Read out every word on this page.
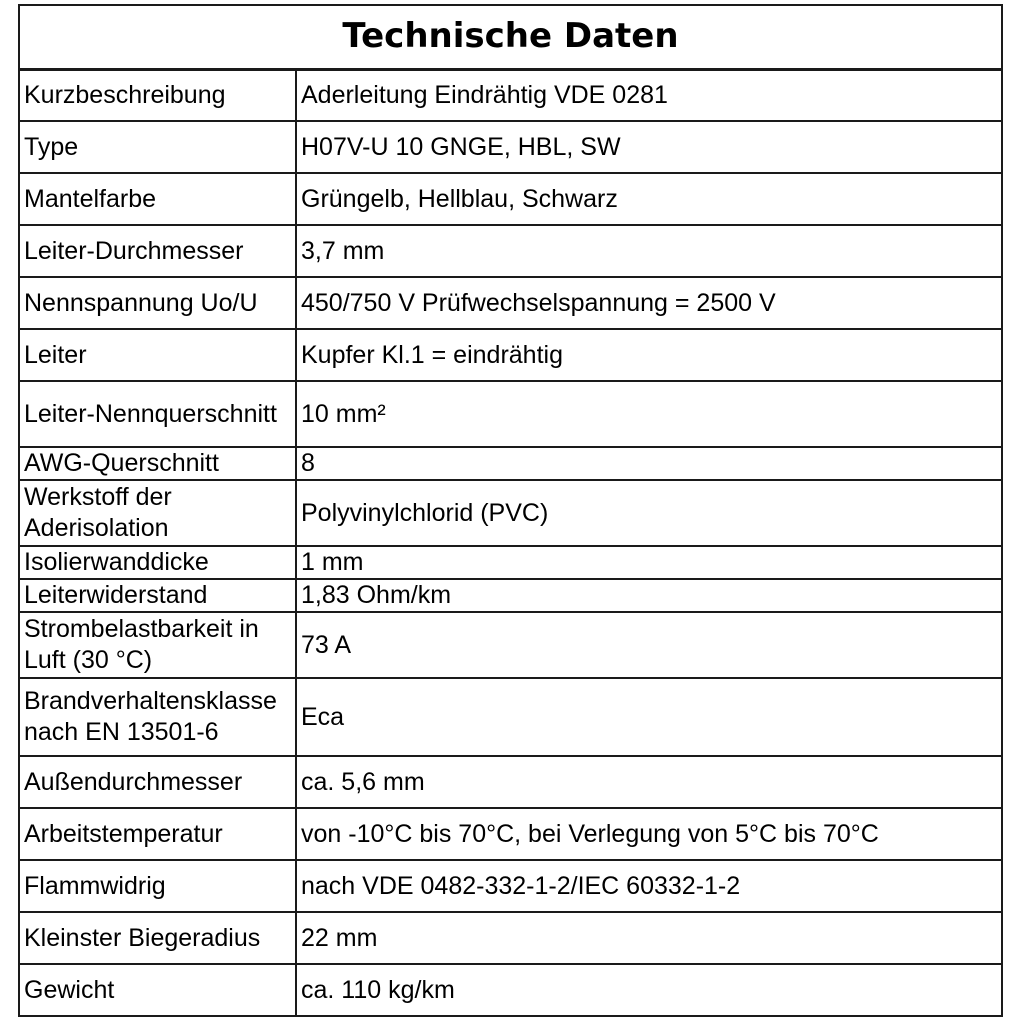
Technische Daten	
Kurzbeschreibung	Aderleitung Eindrähtig VDE 0281
Type	H07V-U 10 GNGE, HBL, SW
Mantelfarbe	Grüngelb, Hellblau, Schwarz
Leiter-Durchmesser	3,7 mm
Nennspannung Uo/U	450/750 V Prüfwechselspannung = 2500 V
Leiter	Kupfer Kl.1 = eindrähtig
Leiter-Nennquerschnitt	10 mm²
AWG-Querschnitt	8
Werkstoff der Aderisolation	Polyvinylchlorid (PVC)
Isolierwanddicke	1 mm
Leiterwiderstand	1,83 Ohm/km
Strombelastbarkeit in Luft (30 °C)	73 A
Brandverhaltensklasse nach EN 13501-6	Eca
Außendurchmesser	ca. 5,6 mm
Arbeitstemperatur	von -10°C bis 70°C, bei Verlegung von 5°C bis 70°C
Flammwidrig	nach VDE 0482-332-1-2/IEC 60332-1-2
Kleinster Biegeradius	22 mm
Gewicht	ca. 110 kg/km
